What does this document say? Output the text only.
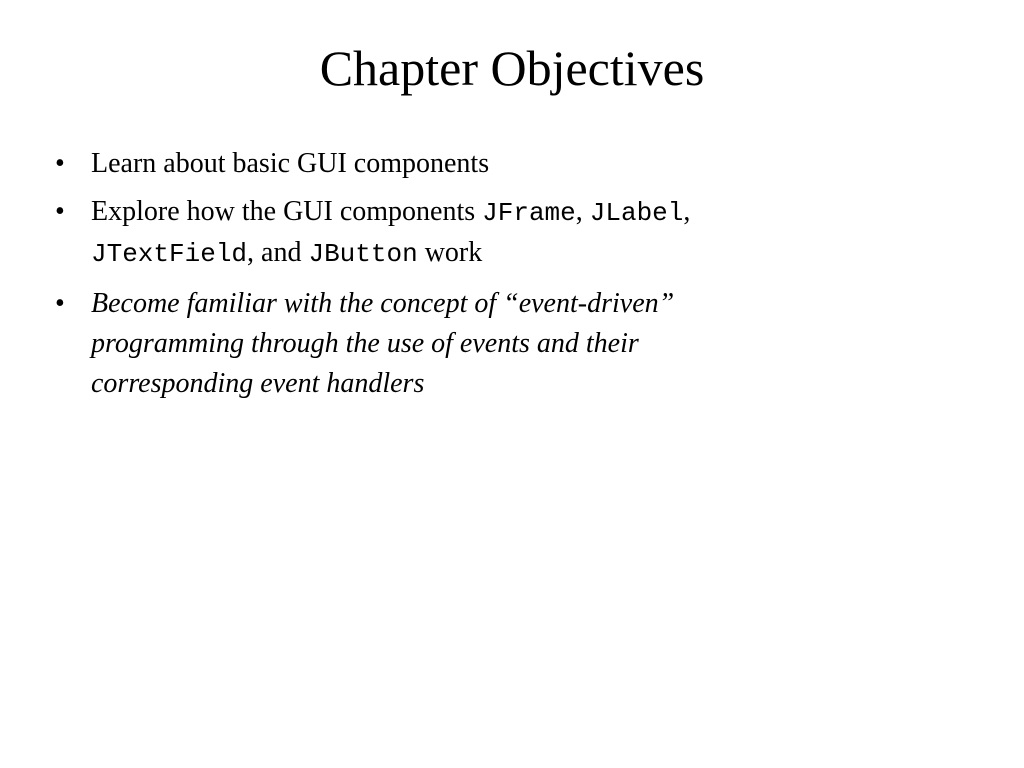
Chapter Objectives
• Learn about basic GUI components
• Explore how the GUI components JFrame, JLabel,
JTextField, and JButton work
• Become familiar with the concept of “event-driven”
programming through the use of events and their
corresponding event handlers
